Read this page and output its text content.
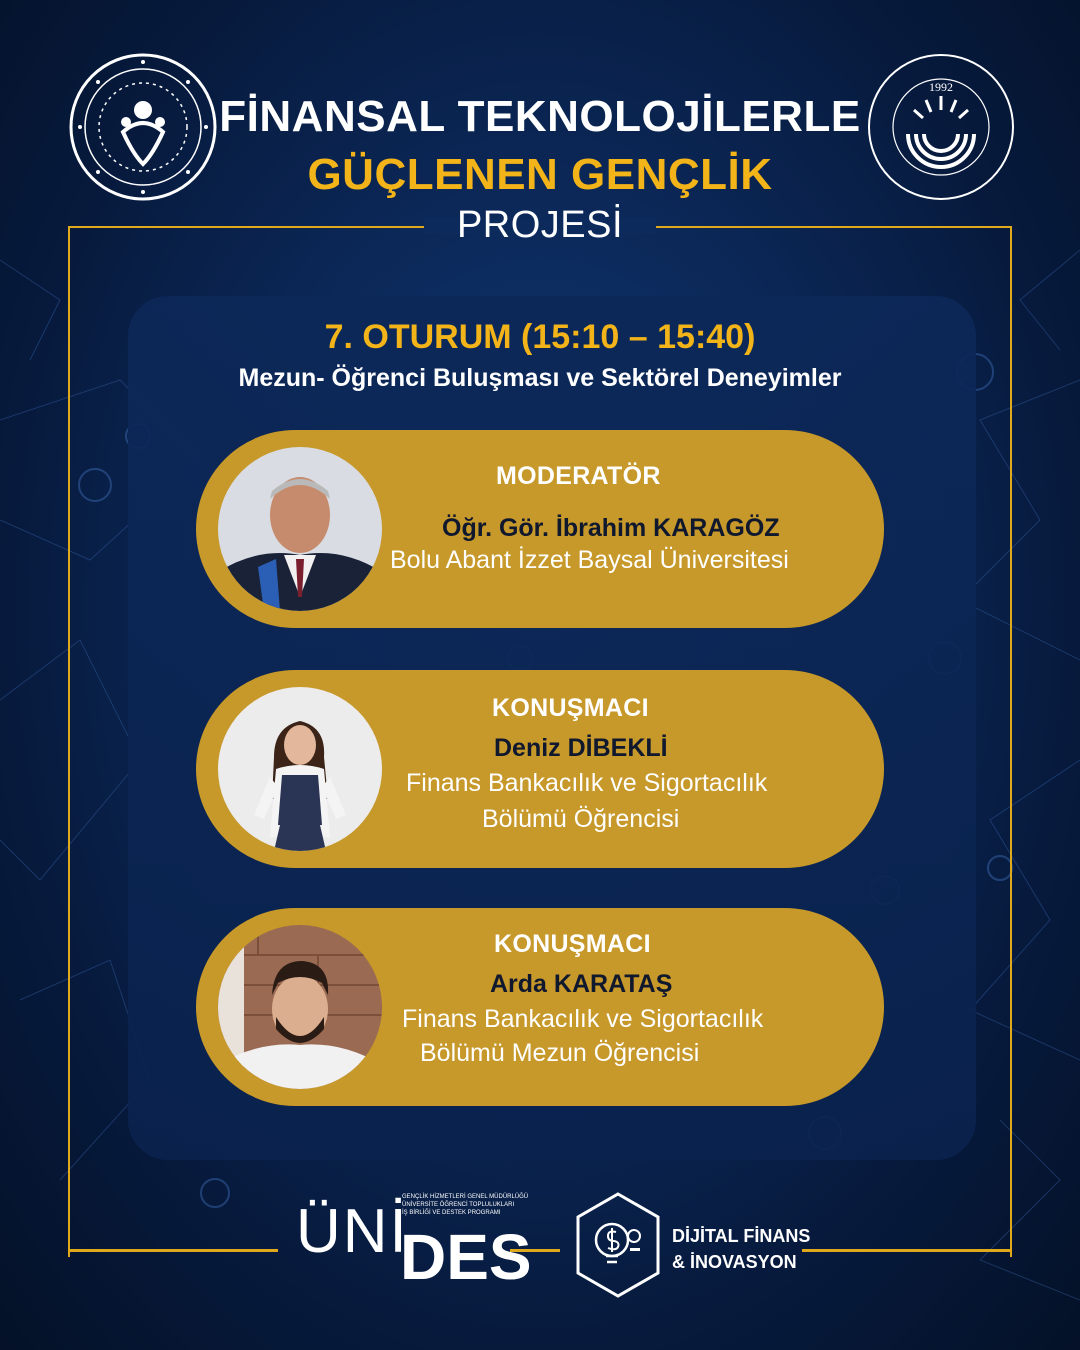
1992
FİNANSAL TEKNOLOJİLERLE
GÜÇLENEN GENÇLİK
PROJESİ
7. OTURUM (15:10 – 15:40)
Mezun- Öğrenci Buluşması ve Sektörel Deneyimler
MODERATÖR
Öğr. Gör. İbrahim KARAGÖZ
Bolu Abant İzzet Baysal Üniversitesi
KONUŞMACI
Deniz DİBEKLİ
Finans Bankacılık ve Sigortacılık
Bölümü Öğrencisi
KONUŞMACI
Arda KARATAŞ
Finans Bankacılık ve Sigortacılık
Bölümü Mezun Öğrencisi
ÜNİ
DES
GENÇLİK HİZMETLERİ GENEL MÜDÜRLÜĞÜ
ÜNİVERSİTE ÖĞRENCİ TOPLULUKLARI
İŞ BİRLİĞİ VE DESTEK PROGRAMI
DİJİTAL FİNANS
& İNOVASYON
